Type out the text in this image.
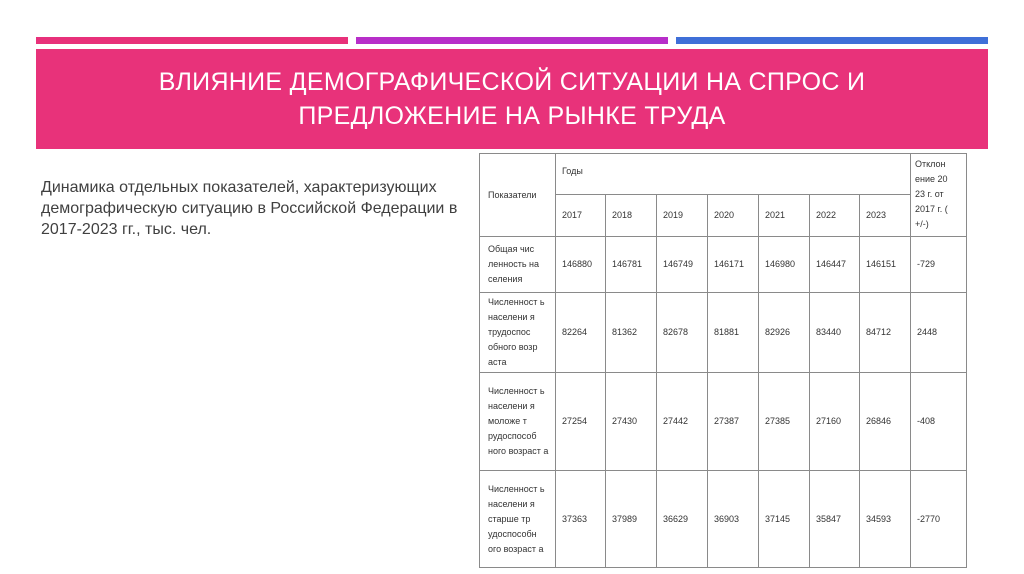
ВЛИЯНИЕ ДЕМОГРАФИЧЕСКОЙ СИТУАЦИИ НА СПРОС И
ПРЕДЛОЖЕНИЕ НА РЫНКЕ ТРУДА

Динамика отдельных показателей, характеризующих демографическую ситуацию в Российской Федерации в 2017-2023 гг., тыс. чел.

Показатели	Годы							Отклон ение 20 23 г. от 2017 г. ( +/-)
	2017	2018	2019	2020	2021	2022	2023	
Общая чис ленность на селения	146880	146781	146749	146171	146980	146447	146151	-729
Численност ь населени я трудоспос обного возр аста	82264	81362	82678	81881	82926	83440	84712	2448
Численност ь населени я моложе т рудоспособ ного возраст а	27254	27430	27442	27387	27385	27160	26846	-408
Численност ь населени я старше тр удоспособн ого возраст а	37363	37989	36629	36903	37145	35847	34593	-2770
